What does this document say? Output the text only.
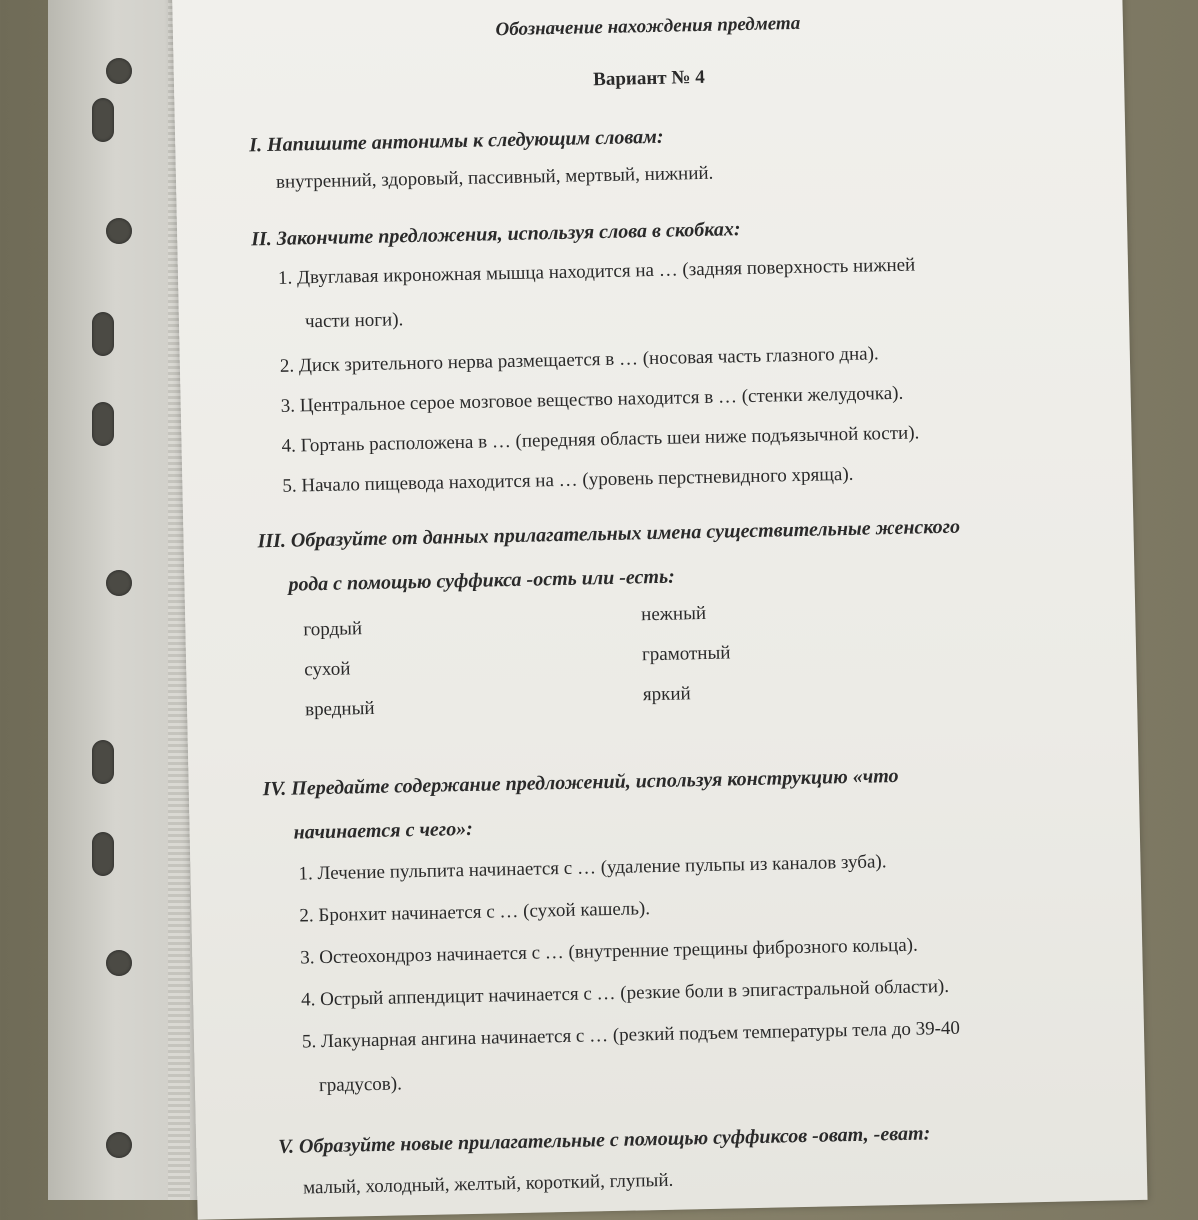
Обозначение нахождения предмета
Вариант № 4
I. Напишите антонимы к следующим словам:
внутренний, здоровый, пассивный, мертвый, нижний.
II. Закончите предложения, используя слова в скобках:
1. Двуглавая икроножная мышца находится на … (задняя поверхность нижней
части ноги).
2. Диск зрительного нерва размещается в … (носовая часть глазного дна).
3. Центральное серое мозговое вещество находится в … (стенки желудочка).
4. Гортань расположена в … (передняя область шеи ниже подъязычной кости).
5. Начало пищевода находится на … (уровень перстневидного хряща).
III. Образуйте от данных прилагательных имена существительные женского
рода с помощью суффикса -ость или -есть:
гордый
сухой
вредный
нежный
грамотный
яркий
IV. Передайте содержание предложений, используя конструкцию «что
начинается с чего»:
1. Лечение пульпита начинается с … (удаление пульпы из каналов зуба).
2. Бронхит начинается с … (сухой кашель).
3. Остеохондроз начинается с … (внутренние трещины фиброзного кольца).
4. Острый аппендицит начинается с … (резкие боли в эпигастральной области).
5. Лакунарная ангина начинается с … (резкий подъем температуры тела до 39-40
градусов).
V. Образуйте новые прилагательные с помощью суффиксов -оват, -еват:
малый, холодный, желтый, короткий, глупый.
